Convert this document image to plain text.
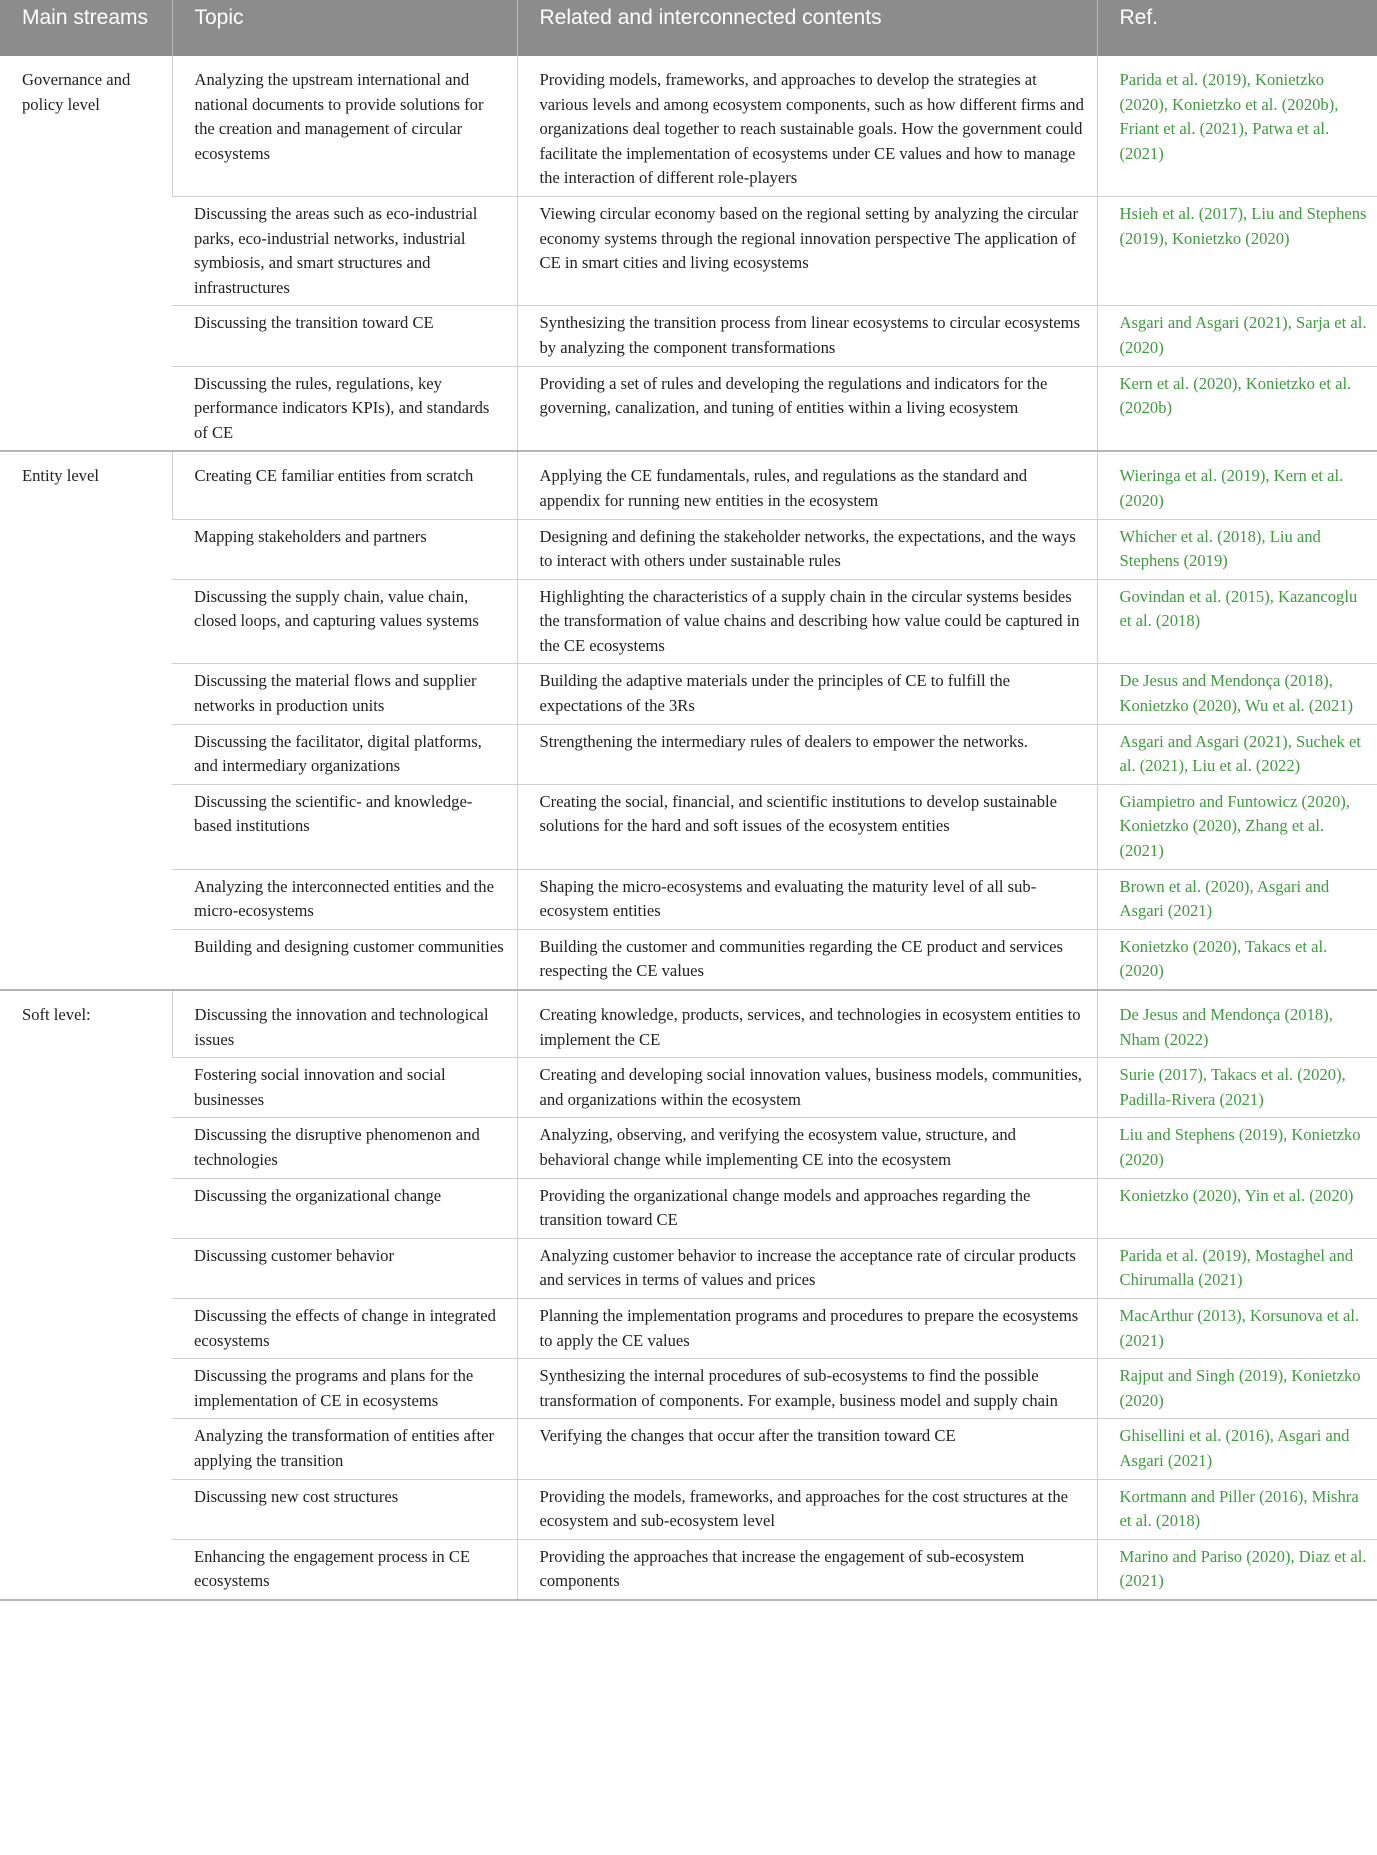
Main streams	Topic	Related and interconnected contents	Ref.
Governance and policy level	Analyzing the upstream international and national documents to provide solutions for the creation and management of circular ecosystems	Providing models, frameworks, and approaches to develop the strategies at various levels and among ecosystem components, such as how different firms and organizations deal together to reach sustainable goals. How the government could facilitate the implementation of ecosystems under CE values and how to manage the interaction of different role-players	Parida et al. (2019), Konietzko (2020), Konietzko et al. (2020b), Friant et al. (2021), Patwa et al. (2021)
	Discussing the areas such as eco-industrial parks, eco-industrial networks, industrial symbiosis, and smart structures and infrastructures	Viewing circular economy based on the regional setting by analyzing the circular economy systems through the regional innovation perspective The application of CE in smart cities and living ecosystems	Hsieh et al. (2017), Liu and Stephens (2019), Konietzko (2020)
	Discussing the transition toward CE	Synthesizing the transition process from linear ecosystems to circular ecosystems by analyzing the component transformations	Asgari and Asgari (2021), Sarja et al. (2020)
	Discussing the rules, regulations, key performance indicators KPIs), and standards of CE	Providing a set of rules and developing the regulations and indicators for the governing, canalization, and tuning of entities within a living ecosystem	Kern et al. (2020), Konietzko et al. (2020b)
Entity level	Creating CE familiar entities from scratch	Applying the CE fundamentals, rules, and regulations as the standard and appendix for running new entities in the ecosystem	Wieringa et al. (2019), Kern et al. (2020)
	Mapping stakeholders and partners	Designing and defining the stakeholder networks, the expectations, and the ways to interact with others under sustainable rules	Whicher et al. (2018), Liu and Stephens (2019)
	Discussing the supply chain, value chain, closed loops, and capturing values systems	Highlighting the characteristics of a supply chain in the circular systems besides the transformation of value chains and describing how value could be captured in the CE ecosystems	Govindan et al. (2015), Kazancoglu et al. (2018)
	Discussing the material flows and supplier networks in production units	Building the adaptive materials under the principles of CE to fulfill the expectations of the 3Rs	De Jesus and Mendonça (2018), Konietzko (2020), Wu et al. (2021)
	Discussing the facilitator, digital platforms, and intermediary organizations	Strengthening the intermediary rules of dealers to empower the networks.	Asgari and Asgari (2021), Suchek et al. (2021), Liu et al. (2022)
	Discussing the scientific- and knowledge-based institutions	Creating the social, financial, and scientific institutions to develop sustainable solutions for the hard and soft issues of the ecosystem entities	Giampietro and Funtowicz (2020), Konietzko (2020), Zhang et al. (2021)
	Analyzing the interconnected entities and the micro-ecosystems	Shaping the micro-ecosystems and evaluating the maturity level of all sub-ecosystem entities	Brown et al. (2020), Asgari and Asgari (2021)
	Building and designing customer communities	Building the customer and communities regarding the CE product and services respecting the CE values	Konietzko (2020), Takacs et al. (2020)
Soft level:	Discussing the innovation and technological issues	Creating knowledge, products, services, and technologies in ecosystem entities to implement the CE	De Jesus and Mendonça (2018), Nham (2022)
	Fostering social innovation and social businesses	Creating and developing social innovation values, business models, communities, and organizations within the ecosystem	Surie (2017), Takacs et al. (2020), Padilla-Rivera (2021)
	Discussing the disruptive phenomenon and technologies	Analyzing, observing, and verifying the ecosystem value, structure, and behavioral change while implementing CE into the ecosystem	Liu and Stephens (2019), Konietzko (2020)
	Discussing the organizational change	Providing the organizational change models and approaches regarding the transition toward CE	Konietzko (2020), Yin et al. (2020)
	Discussing customer behavior	Analyzing customer behavior to increase the acceptance rate of circular products and services in terms of values and prices	Parida et al. (2019), Mostaghel and Chirumalla (2021)
	Discussing the effects of change in integrated ecosystems	Planning the implementation programs and procedures to prepare the ecosystems to apply the CE values	MacArthur (2013), Korsunova et al. (2021)
	Discussing the programs and plans for the implementation of CE in ecosystems	Synthesizing the internal procedures of sub-ecosystems to find the possible transformation of components. For example, business model and supply chain	Rajput and Singh (2019), Konietzko (2020)
	Analyzing the transformation of entities after applying the transition	Verifying the changes that occur after the transition toward CE	Ghisellini et al. (2016), Asgari and Asgari (2021)
	Discussing new cost structures	Providing the models, frameworks, and approaches for the cost structures at the ecosystem and sub-ecosystem level	Kortmann and Piller (2016), Mishra et al. (2018)
	Enhancing the engagement process in CE ecosystems	Providing the approaches that increase the engagement of sub-ecosystem components	Marino and Pariso (2020), Diaz et al. (2021)
